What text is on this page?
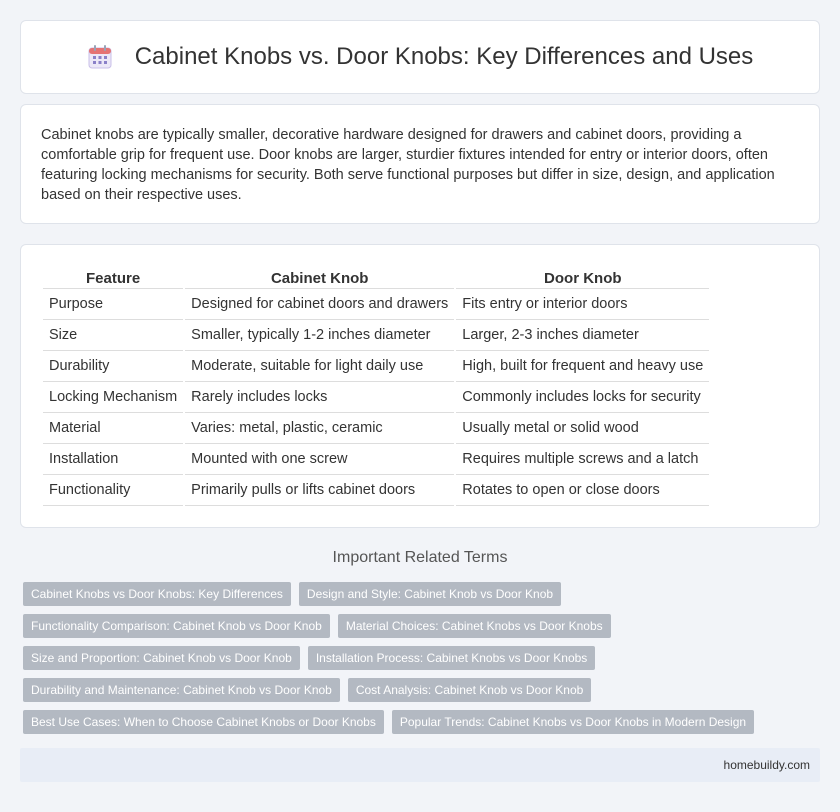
Cabinet Knobs vs. Door Knobs: Key Differences and Uses

Cabinet knobs are typically smaller, decorative hardware designed for drawers and cabinet doors, providing a comfortable grip for frequent use. Door knobs are larger, sturdier fixtures intended for entry or interior doors, often featuring locking mechanisms for security. Both serve functional purposes but differ in size, design, and application based on their respective uses.

Feature	Cabinet Knob	Door Knob
Purpose	Designed for cabinet doors and drawers	Fits entry or interior doors
Size	Smaller, typically 1-2 inches diameter	Larger, 2-3 inches diameter
Durability	Moderate, suitable for light daily use	High, built for frequent and heavy use
Locking Mechanism	Rarely includes locks	Commonly includes locks for security
Material	Varies: metal, plastic, ceramic	Usually metal or solid wood
Installation	Mounted with one screw	Requires multiple screws and a latch
Functionality	Primarily pulls or lifts cabinet doors	Rotates to open or close doors
Important Related Terms
Cabinet Knobs vs Door Knobs: Key Differences	Design and Style: Cabinet Knob vs Door Knob
Functionality Comparison: Cabinet Knob vs Door Knob	Material Choices: Cabinet Knobs vs Door Knobs
Size and Proportion: Cabinet Knob vs Door Knob	Installation Process: Cabinet Knobs vs Door Knobs
Durability and Maintenance: Cabinet Knob vs Door Knob	Cost Analysis: Cabinet Knob vs Door Knob
Best Use Cases: When to Choose Cabinet Knobs or Door Knobs	Popular Trends: Cabinet Knobs vs Door Knobs in Modern Design
homebuildy.com
